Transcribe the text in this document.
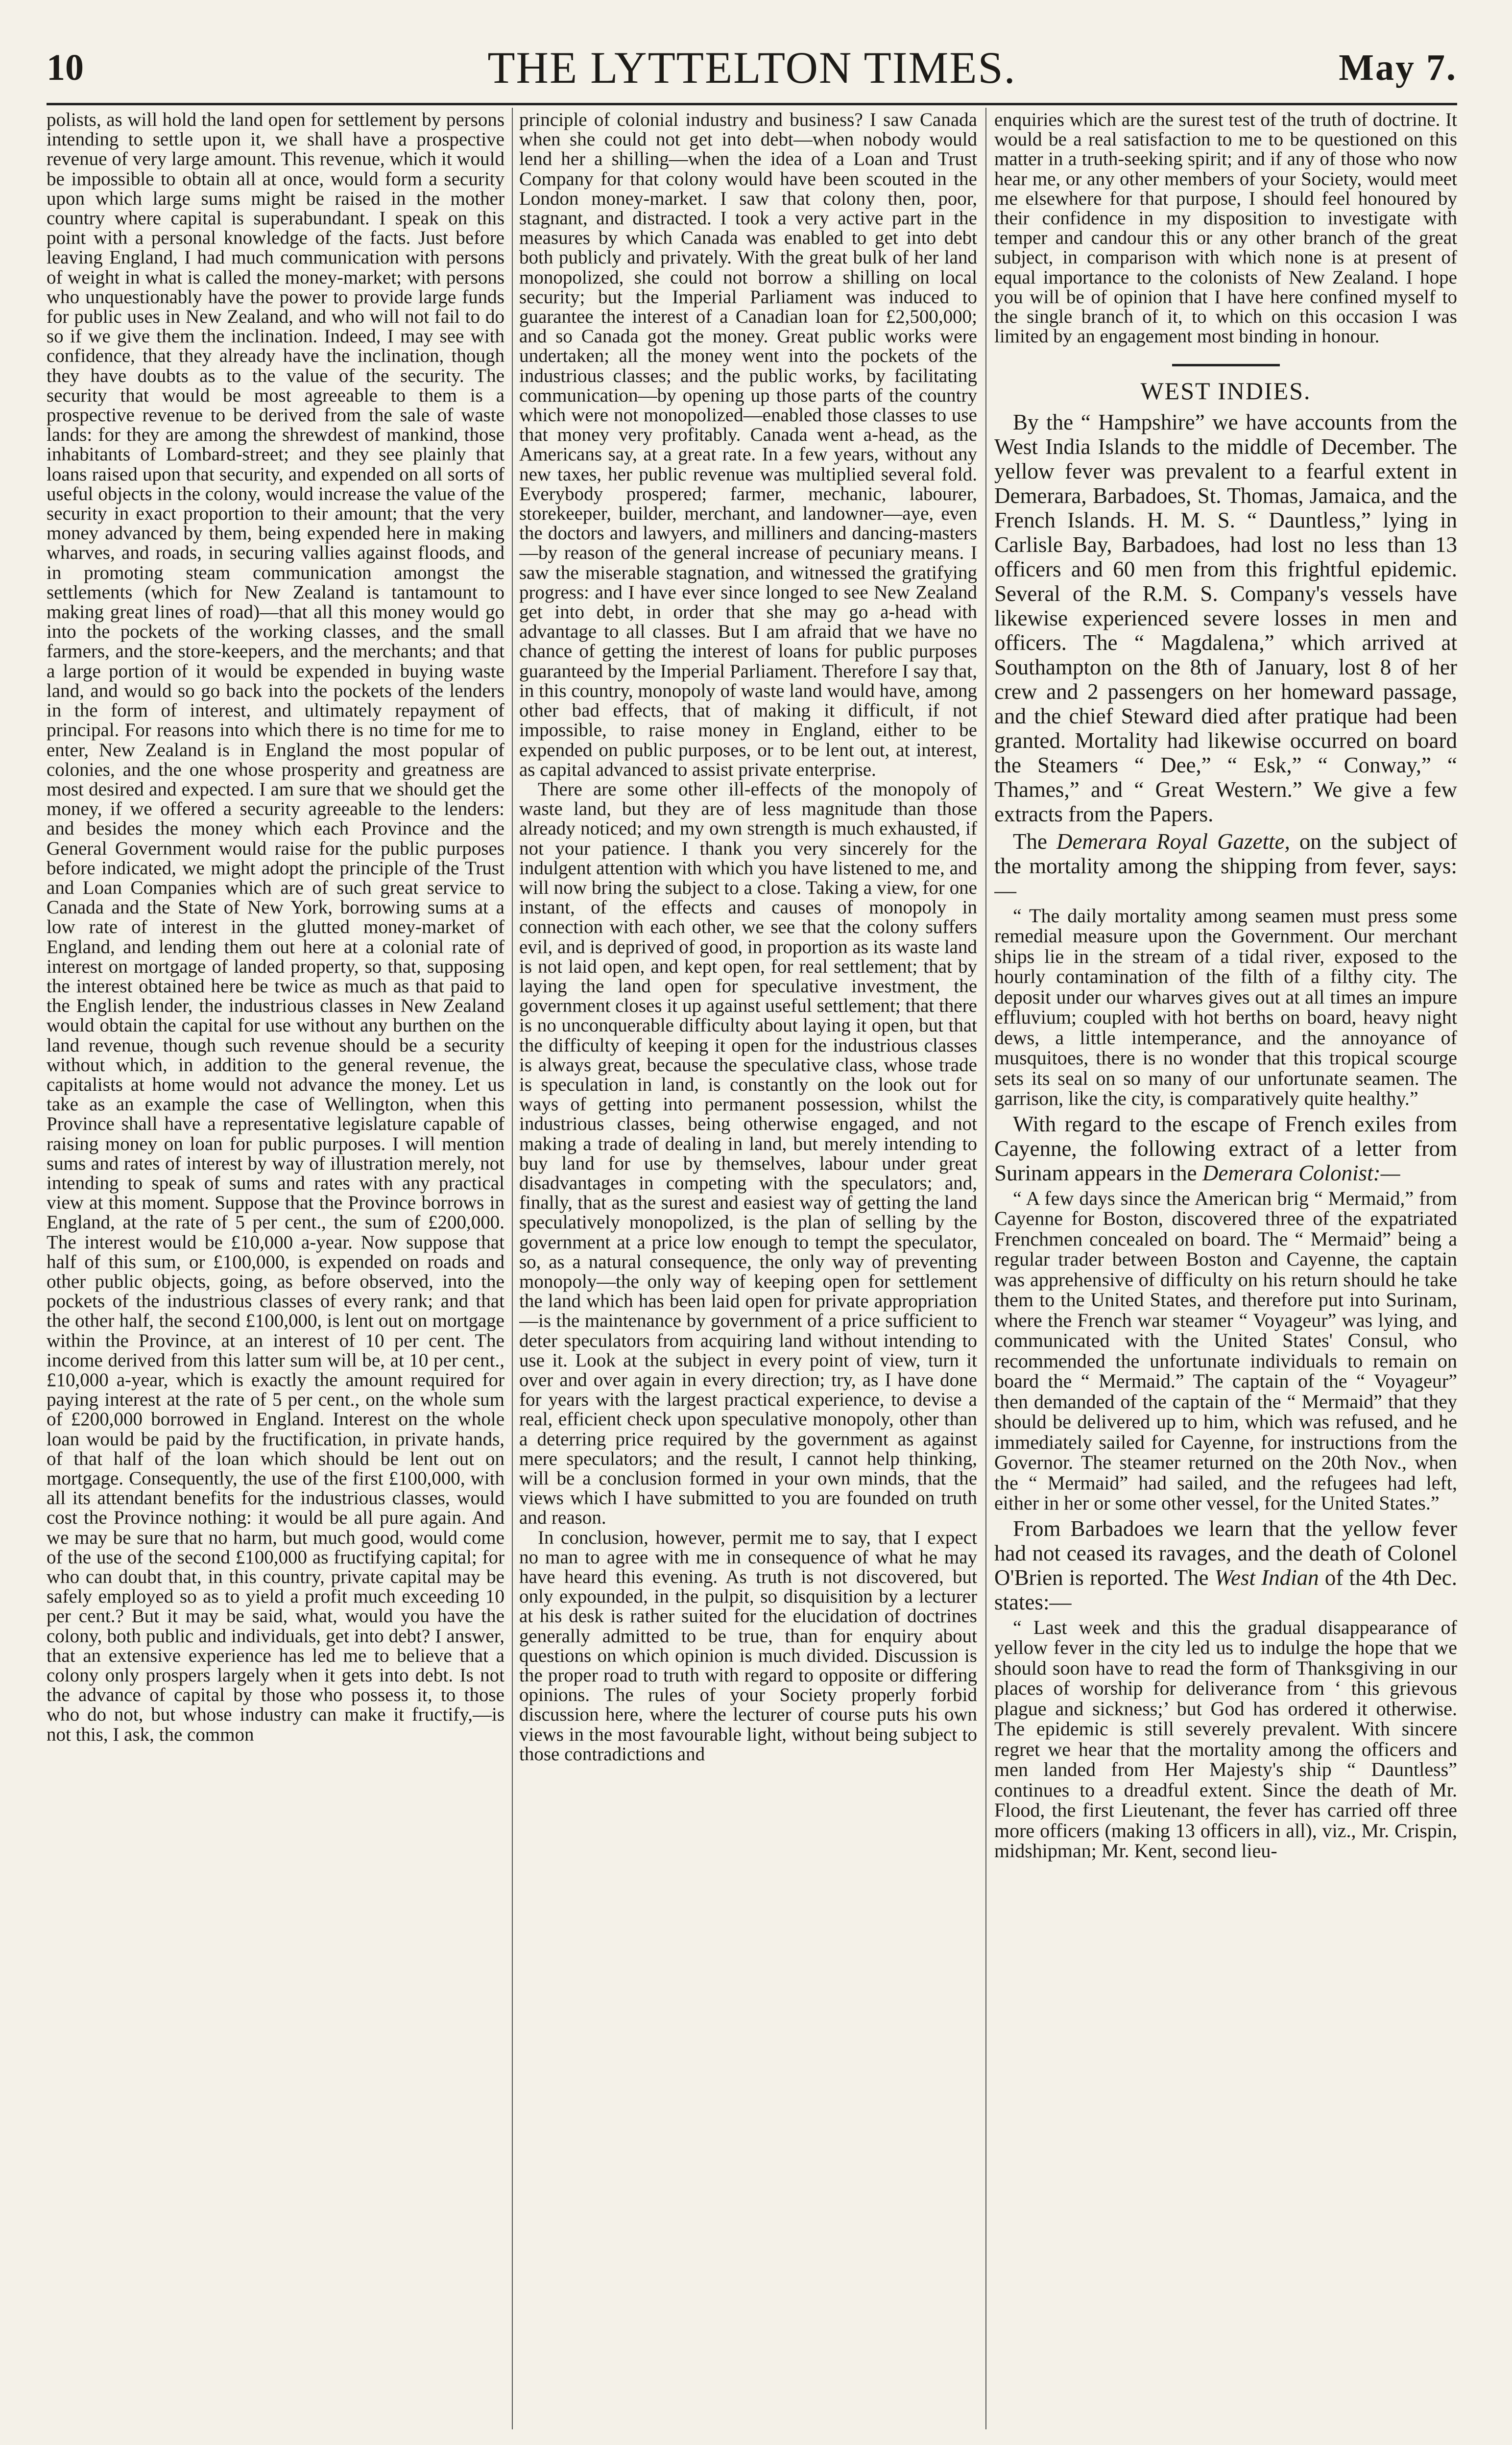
10	THE LYTTELTON TIMES.	May 7.

polists, as will hold the land open for settlement by persons intending to settle upon it, we shall have a prospective revenue of very large amount. This revenue, which it would be impossible to obtain all at once, would form a security upon which large sums might be raised in the mother country where capital is superabundant. I speak on this point with a personal knowledge of the facts. Just before leaving England, I had much communication with persons of weight in what is called the money-market; with persons who unquestionably have the power to provide large funds for public uses in New Zealand, and who will not fail to do so if we give them the inclination. Indeed, I may see with confidence, that they already have the inclination, though they have doubts as to the value of the security. The security that would be most agreeable to them is a prospective revenue to be derived from the sale of waste lands: for they are among the shrewdest of mankind, those inhabitants of Lombard-street; and they see plainly that loans raised upon that security, and expended on all sorts of useful objects in the colony, would increase the value of the security in exact proportion to their amount; that the very money advanced by them, being expended here in making wharves, and roads, in securing vallies against floods, and in promoting steam communication amongst the settlements (which for New Zealand is tantamount to making great lines of road)—that all this money would go into the pockets of the working classes, and the small farmers, and the store-keepers, and the merchants; and that a large portion of it would be expended in buying waste land, and would so go back into the pockets of the lenders in the form of interest, and ultimately repayment of principal. For reasons into which there is no time for me to enter, New Zealand is in England the most popular of colonies, and the one whose prosperity and greatness are most desired and expected. I am sure that we should get the money, if we offered a security agreeable to the lenders: and besides the money which each Province and the General Government would raise for the public purposes before indicated, we might adopt the principle of the Trust and Loan Companies which are of such great service to Canada and the State of New York, borrowing sums at a low rate of interest in the glutted money-market of England, and lending them out here at a colonial rate of interest on mortgage of landed property, so that, supposing the interest obtained here be twice as much as that paid to the English lender, the industrious classes in New Zealand would obtain the capital for use without any burthen on the land revenue, though such revenue should be a security without which, in addition to the general revenue, the capitalists at home would not advance the money. Let us take as an example the case of Wellington, when this Province shall have a representative legislature capable of raising money on loan for public purposes. I will mention sums and rates of interest by way of illustration merely, not intending to speak of sums and rates with any practical view at this moment. Suppose that the Province borrows in England, at the rate of 5 per cent., the sum of £200,000. The interest would be £10,000 a-year. Now suppose that half of this sum, or £100,000, is expended on roads and other public objects, going, as before observed, into the pockets of the industrious classes of every rank; and that the other half, the second £100,000, is lent out on mortgage within the Province, at an interest of 10 per cent. The income derived from this latter sum will be, at 10 per cent., £10,000 a-year, which is exactly the amount required for paying interest at the rate of 5 per cent., on the whole sum of £200,000 borrowed in England. Interest on the whole loan would be paid by the fructification, in private hands, of that half of the loan which should be lent out on mortgage. Consequently, the use of the first £100,000, with all its attendant benefits for the industrious classes, would cost the Province nothing: it would be all pure again. And we may be sure that no harm, but much good, would come of the use of the second £100,000 as fructifying capital; for who can doubt that, in this country, private capital may be safely employed so as to yield a profit much exceeding 10 per cent.? But it may be said, what, would you have the colony, both public and individuals, get into debt? I answer, that an extensive experience has led me to believe that a colony only prospers largely when it gets into debt. Is not the advance of capital by those who possess it, to those who do not, but whose industry can make it fructify,—is not this, I ask, the common

principle of colonial industry and business? I saw Canada when she could not get into debt—when nobody would lend her a shilling—when the idea of a Loan and Trust Company for that colony would have been scouted in the London money-market. I saw that colony then, poor, stagnant, and distracted. I took a very active part in the measures by which Canada was enabled to get into debt both publicly and privately. With the great bulk of her land monopolized, she could not borrow a shilling on local security; but the Imperial Parliament was induced to guarantee the interest of a Canadian loan for £2,500,000; and so Canada got the money. Great public works were undertaken; all the money went into the pockets of the industrious classes; and the public works, by facilitating communication—by opening up those parts of the country which were not monopolized—enabled those classes to use that money very profitably. Canada went a-head, as the Americans say, at a great rate. In a few years, without any new taxes, her public revenue was multiplied several fold. Everybody prospered; farmer, mechanic, labourer, storekeeper, builder, merchant, and landowner—aye, even the doctors and lawyers, and milliners and dancing-masters—by reason of the general increase of pecuniary means. I saw the miserable stagnation, and witnessed the gratifying progress: and I have ever since longed to see New Zealand get into debt, in order that she may go a-head with advantage to all classes. But I am afraid that we have no chance of getting the interest of loans for public purposes guaranteed by the Imperial Parliament. Therefore I say that, in this country, monopoly of waste land would have, among other bad effects, that of making it difficult, if not impossible, to raise money in England, either to be expended on public purposes, or to be lent out, at interest, as capital advanced to assist private enterprise.

There are some other ill-effects of the monopoly of waste land, but they are of less magnitude than those already noticed; and my own strength is much exhausted, if not your patience. I thank you very sincerely for the indulgent attention with which you have listened to me, and will now bring the subject to a close. Taking a view, for one instant, of the effects and causes of monopoly in connection with each other, we see that the colony suffers evil, and is deprived of good, in proportion as its waste land is not laid open, and kept open, for real settlement; that by laying the land open for speculative investment, the government closes it up against useful settlement; that there is no unconquerable difficulty about laying it open, but that the difficulty of keeping it open for the industrious classes is always great, because the speculative class, whose trade is speculation in land, is constantly on the look out for ways of getting into permanent possession, whilst the industrious classes, being otherwise engaged, and not making a trade of dealing in land, but merely intending to buy land for use by themselves, labour under great disadvantages in competing with the speculators; and, finally, that as the surest and easiest way of getting the land speculatively monopolized, is the plan of selling by the government at a price low enough to tempt the speculator, so, as a natural consequence, the only way of preventing monopoly—the only way of keeping open for settlement the land which has been laid open for private appropriation—is the maintenance by government of a price sufficient to deter speculators from acquiring land without intending to use it. Look at the subject in every point of view, turn it over and over again in every direction; try, as I have done for years with the largest practical experience, to devise a real, efficient check upon speculative monopoly, other than a deterring price required by the government as against mere speculators; and the result, I cannot help thinking, will be a conclusion formed in your own minds, that the views which I have submitted to you are founded on truth and reason.

In conclusion, however, permit me to say, that I expect no man to agree with me in consequence of what he may have heard this evening. As truth is not discovered, but only expounded, in the pulpit, so disquisition by a lecturer at his desk is rather suited for the elucidation of doctrines generally admitted to be true, than for enquiry about questions on which opinion is much divided. Discussion is the proper road to truth with regard to opposite or differing opinions. The rules of your Society properly forbid discussion here, where the lecturer of course puts his own views in the most favourable light, without being subject to those contradictions and

enquiries which are the surest test of the truth of doctrine. It would be a real satisfaction to me to be questioned on this matter in a truth-seeking spirit; and if any of those who now hear me, or any other members of your Society, would meet me elsewhere for that purpose, I should feel honoured by their confidence in my disposition to investigate with temper and candour this or any other branch of the great subject, in comparison with which none is at present of equal importance to the colonists of New Zealand. I hope you will be of opinion that I have here confined myself to the single branch of it, to which on this occasion I was limited by an engagement most binding in honour.

WEST INDIES.

By the “ Hampshire” we have accounts from the West India Islands to the middle of December. The yellow fever was prevalent to a fearful extent in Demerara, Barbadoes, St. Thomas, Jamaica, and the French Islands. H. M. S. “ Dauntless,” lying in Carlisle Bay, Barbadoes, had lost no less than 13 officers and 60 men from this frightful epidemic. Several of the R.M. S. Company's vessels have likewise experienced severe losses in men and officers. The “ Magdalena,” which arrived at Southampton on the 8th of January, lost 8 of her crew and 2 passengers on her homeward passage, and the chief Steward died after pratique had been granted. Mortality had likewise occurred on board the Steamers “ Dee,” “ Esk,” “ Conway,” “ Thames,” and “ Great Western.” We give a few extracts from the Papers.

The Demerara Royal Gazette, on the subject of the mortality among the shipping from fever, says:—

“ The daily mortality among seamen must press some remedial measure upon the Government. Our merchant ships lie in the stream of a tidal river, exposed to the hourly contamination of the filth of a filthy city. The deposit under our wharves gives out at all times an impure effluvium; coupled with hot berths on board, heavy night dews, a little intemperance, and the annoyance of musquitoes, there is no wonder that this tropical scourge sets its seal on so many of our unfortunate seamen. The garrison, like the city, is comparatively quite healthy.”

With regard to the escape of French exiles from Cayenne, the following extract of a letter from Surinam appears in the Demerara Colonist:—

“ A few days since the American brig “ Mermaid,” from Cayenne for Boston, discovered three of the expatriated Frenchmen concealed on board. The “ Mermaid” being a regular trader between Boston and Cayenne, the captain was apprehensive of difficulty on his return should he take them to the United States, and therefore put into Surinam, where the French war steamer “ Voyageur” was lying, and communicated with the United States' Consul, who recommended the unfortunate individuals to remain on board the “ Mermaid.” The captain of the “ Voyageur” then demanded of the captain of the “ Mermaid” that they should be delivered up to him, which was refused, and he immediately sailed for Cayenne, for instructions from the Governor. The steamer returned on the 20th Nov., when the “ Mermaid” had sailed, and the refugees had left, either in her or some other vessel, for the United States.”

From Barbadoes we learn that the yellow fever had not ceased its ravages, and the death of Colonel O'Brien is reported. The West Indian of the 4th Dec. states:—

“ Last week and this the gradual disappearance of yellow fever in the city led us to indulge the hope that we should soon have to read the form of Thanksgiving in our places of worship for deliverance from ‘ this grievous plague and sickness;’ but God has ordered it otherwise. The epidemic is still severely prevalent. With sincere regret we hear that the mortality among the officers and men landed from Her Majesty's ship “ Dauntless” continues to a dreadful extent. Since the death of Mr. Flood, the first Lieutenant, the fever has carried off three more officers (making 13 officers in all), viz., Mr. Crispin, midshipman; Mr. Kent, second lieu-
